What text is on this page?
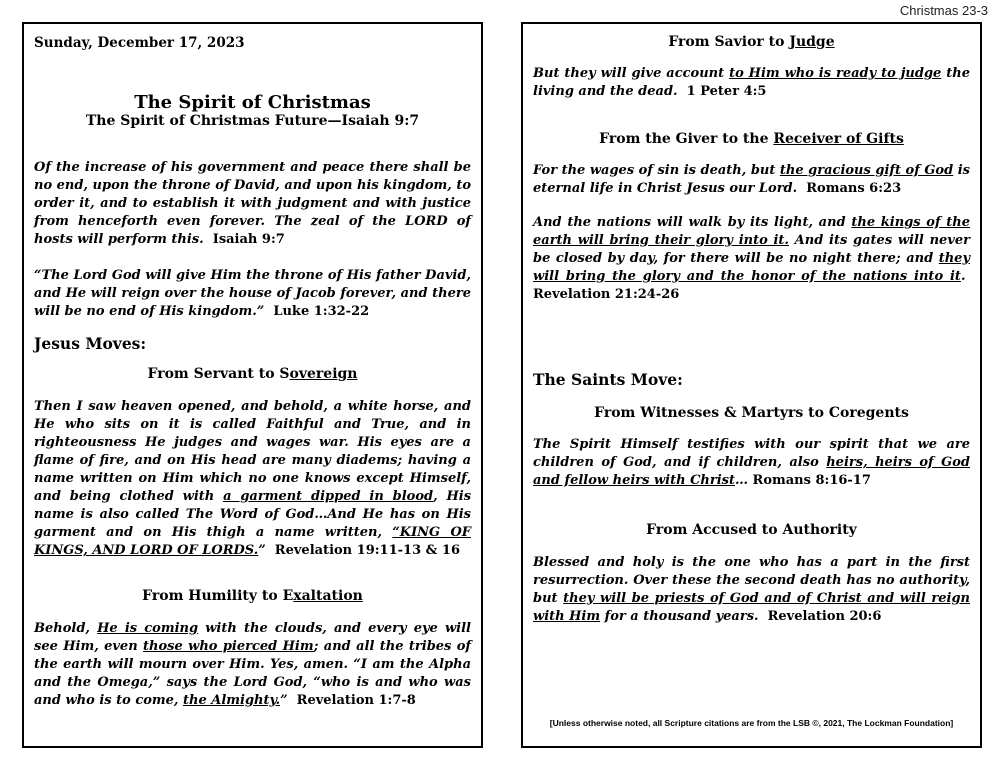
Christmas 23-3

Sunday, December 17, 2023

The Spirit of Christmas

The Spirit of Christmas Future—Isaiah 9:7

Of the increase of his government and peace there shall be no end, upon the throne of David, and upon his kingdom, to order it, and to establish it with judgment and with justice from henceforth even forever. The zeal of the LORD of hosts will perform this. Isaiah 9:7

“The Lord God will give Him the throne of His father David, and He will reign over the house of Jacob forever, and there will be no end of His kingdom.” Luke 1:32-22

Jesus Moves:

From Servant to Sovereign

Then I saw heaven opened, and behold, a white horse, and He who sits on it is called Faithful and True, and in righteousness He judges and wages war. His eyes are a flame of fire, and on His head are many diadems; having a name written on Him which no one knows except Himself, and being clothed with a garment dipped in blood, His name is also called The Word of God…And He has on His garment and on His thigh a name written, “KING OF KINGS, AND LORD OF LORDS.” Revelation 19:11-13 & 16

From Humility to Exaltation

Behold, He is coming with the clouds, and every eye will see Him, even those who pierced Him; and all the tribes of the earth will mourn over Him. Yes, amen. “I am the Alpha and the Omega,” says the Lord God, “who is and who was and who is to come, the Almighty.” Revelation 1:7-8

From Savior to Judge

But they will give account to Him who is ready to judge the living and the dead. 1 Peter 4:5

From the Giver to the Receiver of Gifts

For the wages of sin is death, but the gracious gift of God is eternal life in Christ Jesus our Lord. Romans 6:23

And the nations will walk by its light, and the kings of the earth will bring their glory into it. And its gates will never be closed by day, for there will be no night there; and they will bring the glory and the honor of the nations into it.  Revelation 21:24-26

The Saints Move:

From Witnesses & Martyrs to Coregents

The Spirit Himself testifies with our spirit that we are children of God, and if children, also heirs, heirs of God and fellow heirs with Christ… Romans 8:16-17

From Accused to Authority

Blessed and holy is the one who has a part in the first resurrection. Over these the second death has no authority, but they will be priests of God and of Christ and will reign with Him for a thousand years. Revelation 20:6

[Unless otherwise noted, all Scripture citations are from the LSB ©, 2021, The Lockman Foundation]
